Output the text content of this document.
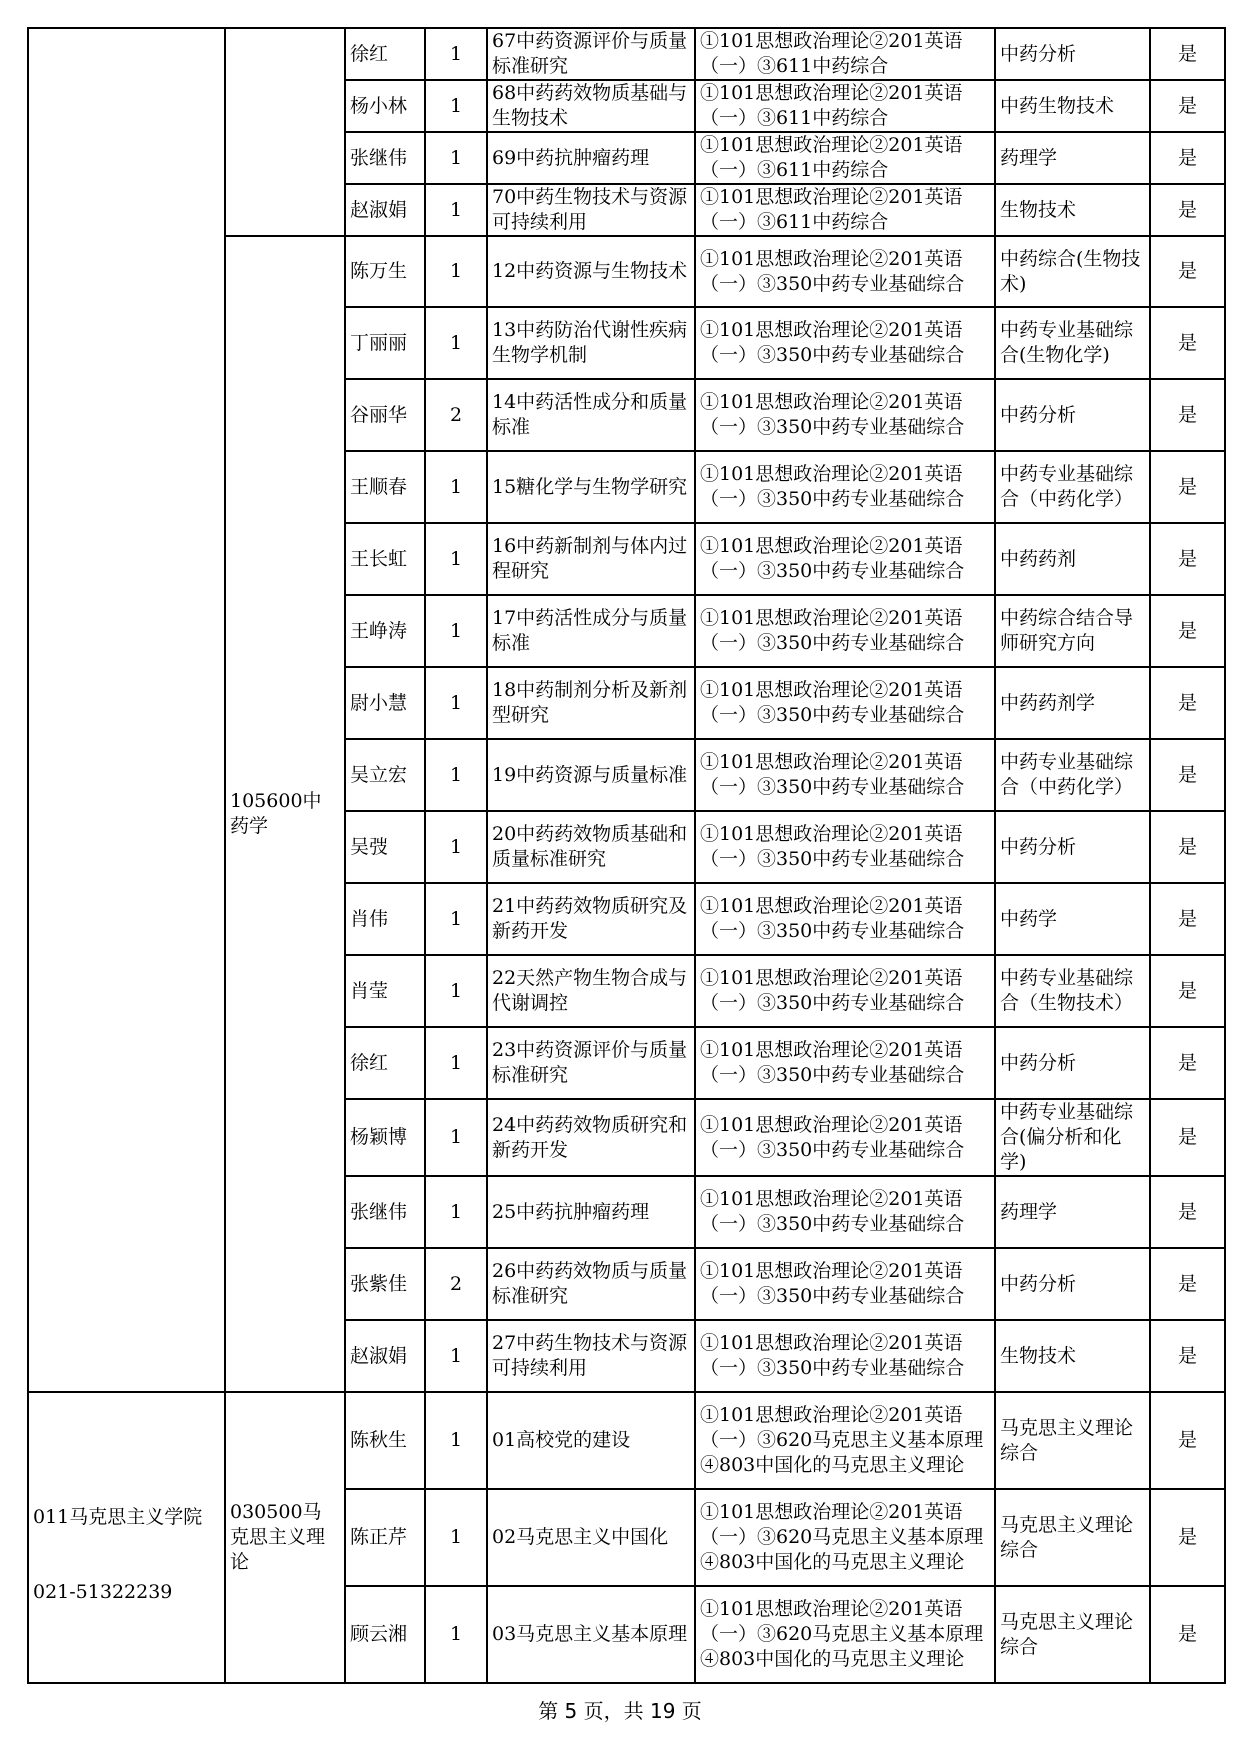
		徐红	1	67中药资源评价与质量标准研究	①101思想政治理论②201英语（一）③611中药综合	中药分析	是
		杨小林	1	68中药药效物质基础与生物技术	①101思想政治理论②201英语（一）③611中药综合	中药生物技术	是
		张继伟	1	69中药抗肿瘤药理	①101思想政治理论②201英语（一）③611中药综合	药理学	是
		赵淑娟	1	70中药生物技术与资源可持续利用	①101思想政治理论②201英语（一）③611中药综合	生物技术	是
	105600中药学	陈万生	1	12中药资源与生物技术	①101思想政治理论②201英语（一）③350中药专业基础综合	中药综合(生物技术)	是
		丁丽丽	1	13中药防治代谢性疾病生物学机制	①101思想政治理论②201英语（一）③350中药专业基础综合	中药专业基础综合(生物化学)	是
		谷丽华	2	14中药活性成分和质量标准	①101思想政治理论②201英语（一）③350中药专业基础综合	中药分析	是
		王顺春	1	15糖化学与生物学研究	①101思想政治理论②201英语（一）③350中药专业基础综合	中药专业基础综合（中药化学）	是
		王长虹	1	16中药新制剂与体内过程研究	①101思想政治理论②201英语（一）③350中药专业基础综合	中药药剂	是
		王峥涛	1	17中药活性成分与质量标准	①101思想政治理论②201英语（一）③350中药专业基础综合	中药综合结合导师研究方向	是
		尉小慧	1	18中药制剂分析及新剂型研究	①101思想政治理论②201英语（一）③350中药专业基础综合	中药药剂学	是
		吴立宏	1	19中药资源与质量标准	①101思想政治理论②201英语（一）③350中药专业基础综合	中药专业基础综合（中药化学）	是
		吴弢	1	20中药药效物质基础和质量标准研究	①101思想政治理论②201英语（一）③350中药专业基础综合	中药分析	是
		肖伟	1	21中药药效物质研究及新药开发	①101思想政治理论②201英语（一）③350中药专业基础综合	中药学	是
		肖莹	1	22天然产物生物合成与代谢调控	①101思想政治理论②201英语（一）③350中药专业基础综合	中药专业基础综合（生物技术）	是
		徐红	1	23中药资源评价与质量标准研究	①101思想政治理论②201英语（一）③350中药专业基础综合	中药分析	是
		杨颖博	1	24中药药效物质研究和新药开发	①101思想政治理论②201英语（一）③350中药专业基础综合	中药专业基础综合(偏分析和化学)	是
		张继伟	1	25中药抗肿瘤药理	①101思想政治理论②201英语（一）③350中药专业基础综合	药理学	是
		张紫佳	2	26中药药效物质与质量标准研究	①101思想政治理论②201英语（一）③350中药专业基础综合	中药分析	是
		赵淑娟	1	27中药生物技术与资源可持续利用	①101思想政治理论②201英语（一）③350中药专业基础综合	生物技术	是

011马克思主义学院
021-51322239	030500马克思主义理论	陈秋生	1	01高校党的建设	①101思想政治理论②201英语（一）③620马克思主义基本原理④803中国化的马克思主义理论	马克思主义理论综合	是
		陈正芹	1	02马克思主义中国化	①101思想政治理论②201英语（一）③620马克思主义基本原理④803中国化的马克思主义理论	马克思主义理论综合	是
		顾云湘	1	03马克思主义基本原理	①101思想政治理论②201英语（一）③620马克思主义基本原理④803中国化的马克思主义理论	马克思主义理论综合	是
第 5 页，共 19 页
